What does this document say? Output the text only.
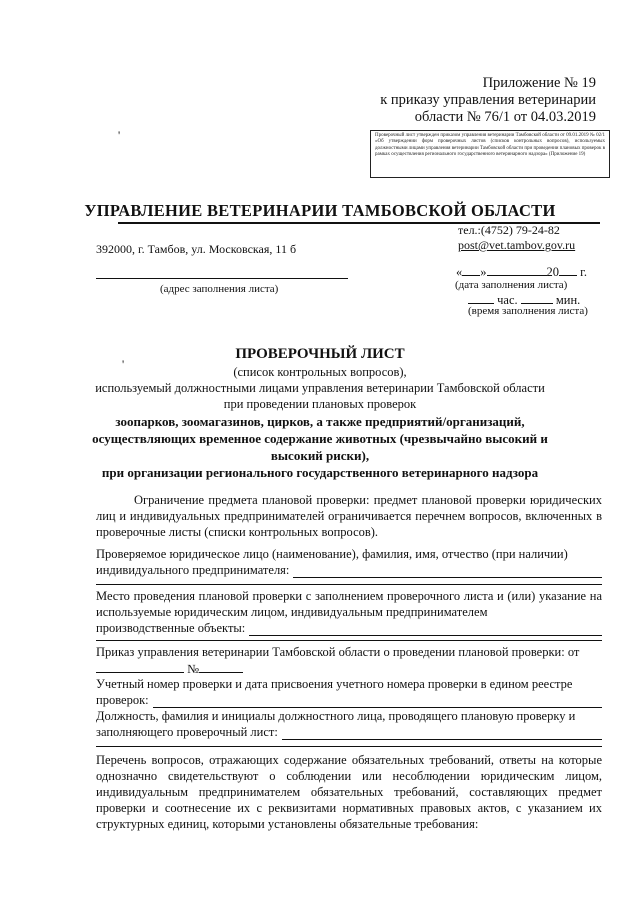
Приложение № 19
к приказу управления ветеринарии
области № 76/1 от 04.03.2019
'	Проверочный лист утвержден приказом управления ветеринарии Тамбовской области от 09.01.2019 № 02/1 «Об утверждении форм проверочных листов (списков контрольных вопросов), используемых должностными лицами управления ветеринарии Тамбовской области при проведении плановых проверок в рамках осуществления регионального государственного ветеринарного надзора» (Приложение 19)
УПРАВЛЕНИЕ ВЕТЕРИНАРИИ ТАМБОВСКОЙ ОБЛАСТИ
тел.:(4752) 79-24-82
post@vet.tambov.gov.ru
392000, г. Тамбов, ул. Московская, 11 б
(адрес заполнения листа)
« »	20 г.
(дата заполнения листа)
час.	мин.
(время заполнения листа)
'
ПРОВЕРОЧНЫЙ ЛИСТ
(список контрольных вопросов),
используемый должностными лицами управления ветеринарии Тамбовской области
при проведении плановых проверок
зоопарков, зоомагазинов, цирков, а также предприятий/организаций,
осуществляющих временное содержание животных (чрезвычайно высокий и
высокий риски),
при организации регионального государственного ветеринарного надзора
Ограничение предмета плановой проверки: предмет плановой проверки юридических лиц и индивидуальных предпринимателей ограничивается перечнем вопросов, включенных в проверочные листы (списки контрольных вопросов).
Проверяемое юридическое лицо (наименование), фамилия, имя, отчество (при наличии)
индивидуального предпринимателя:
Место проведения плановой проверки с заполнением проверочного листа и (или) указание на используемые юридическим лицом, индивидуальным предпринимателем
производственные объекты:
Приказ управления ветеринарии Тамбовской области о проведении плановой проверки: от
№
Учетный номер проверки и дата присвоения учетного номера проверки в едином реестре
проверок:
Должность, фамилия и инициалы должностного лица, проводящего плановую проверку и
заполняющего проверочный лист:
Перечень вопросов, отражающих содержание обязательных требований, ответы на которые однозначно свидетельствуют о соблюдении или несоблюдении юридическим лицом, индивидуальным предпринимателем обязательных требований, составляющих предмет проверки и соотнесение их с реквизитами нормативных правовых актов, с указанием их структурных единиц, которыми установлены обязательные требования:
